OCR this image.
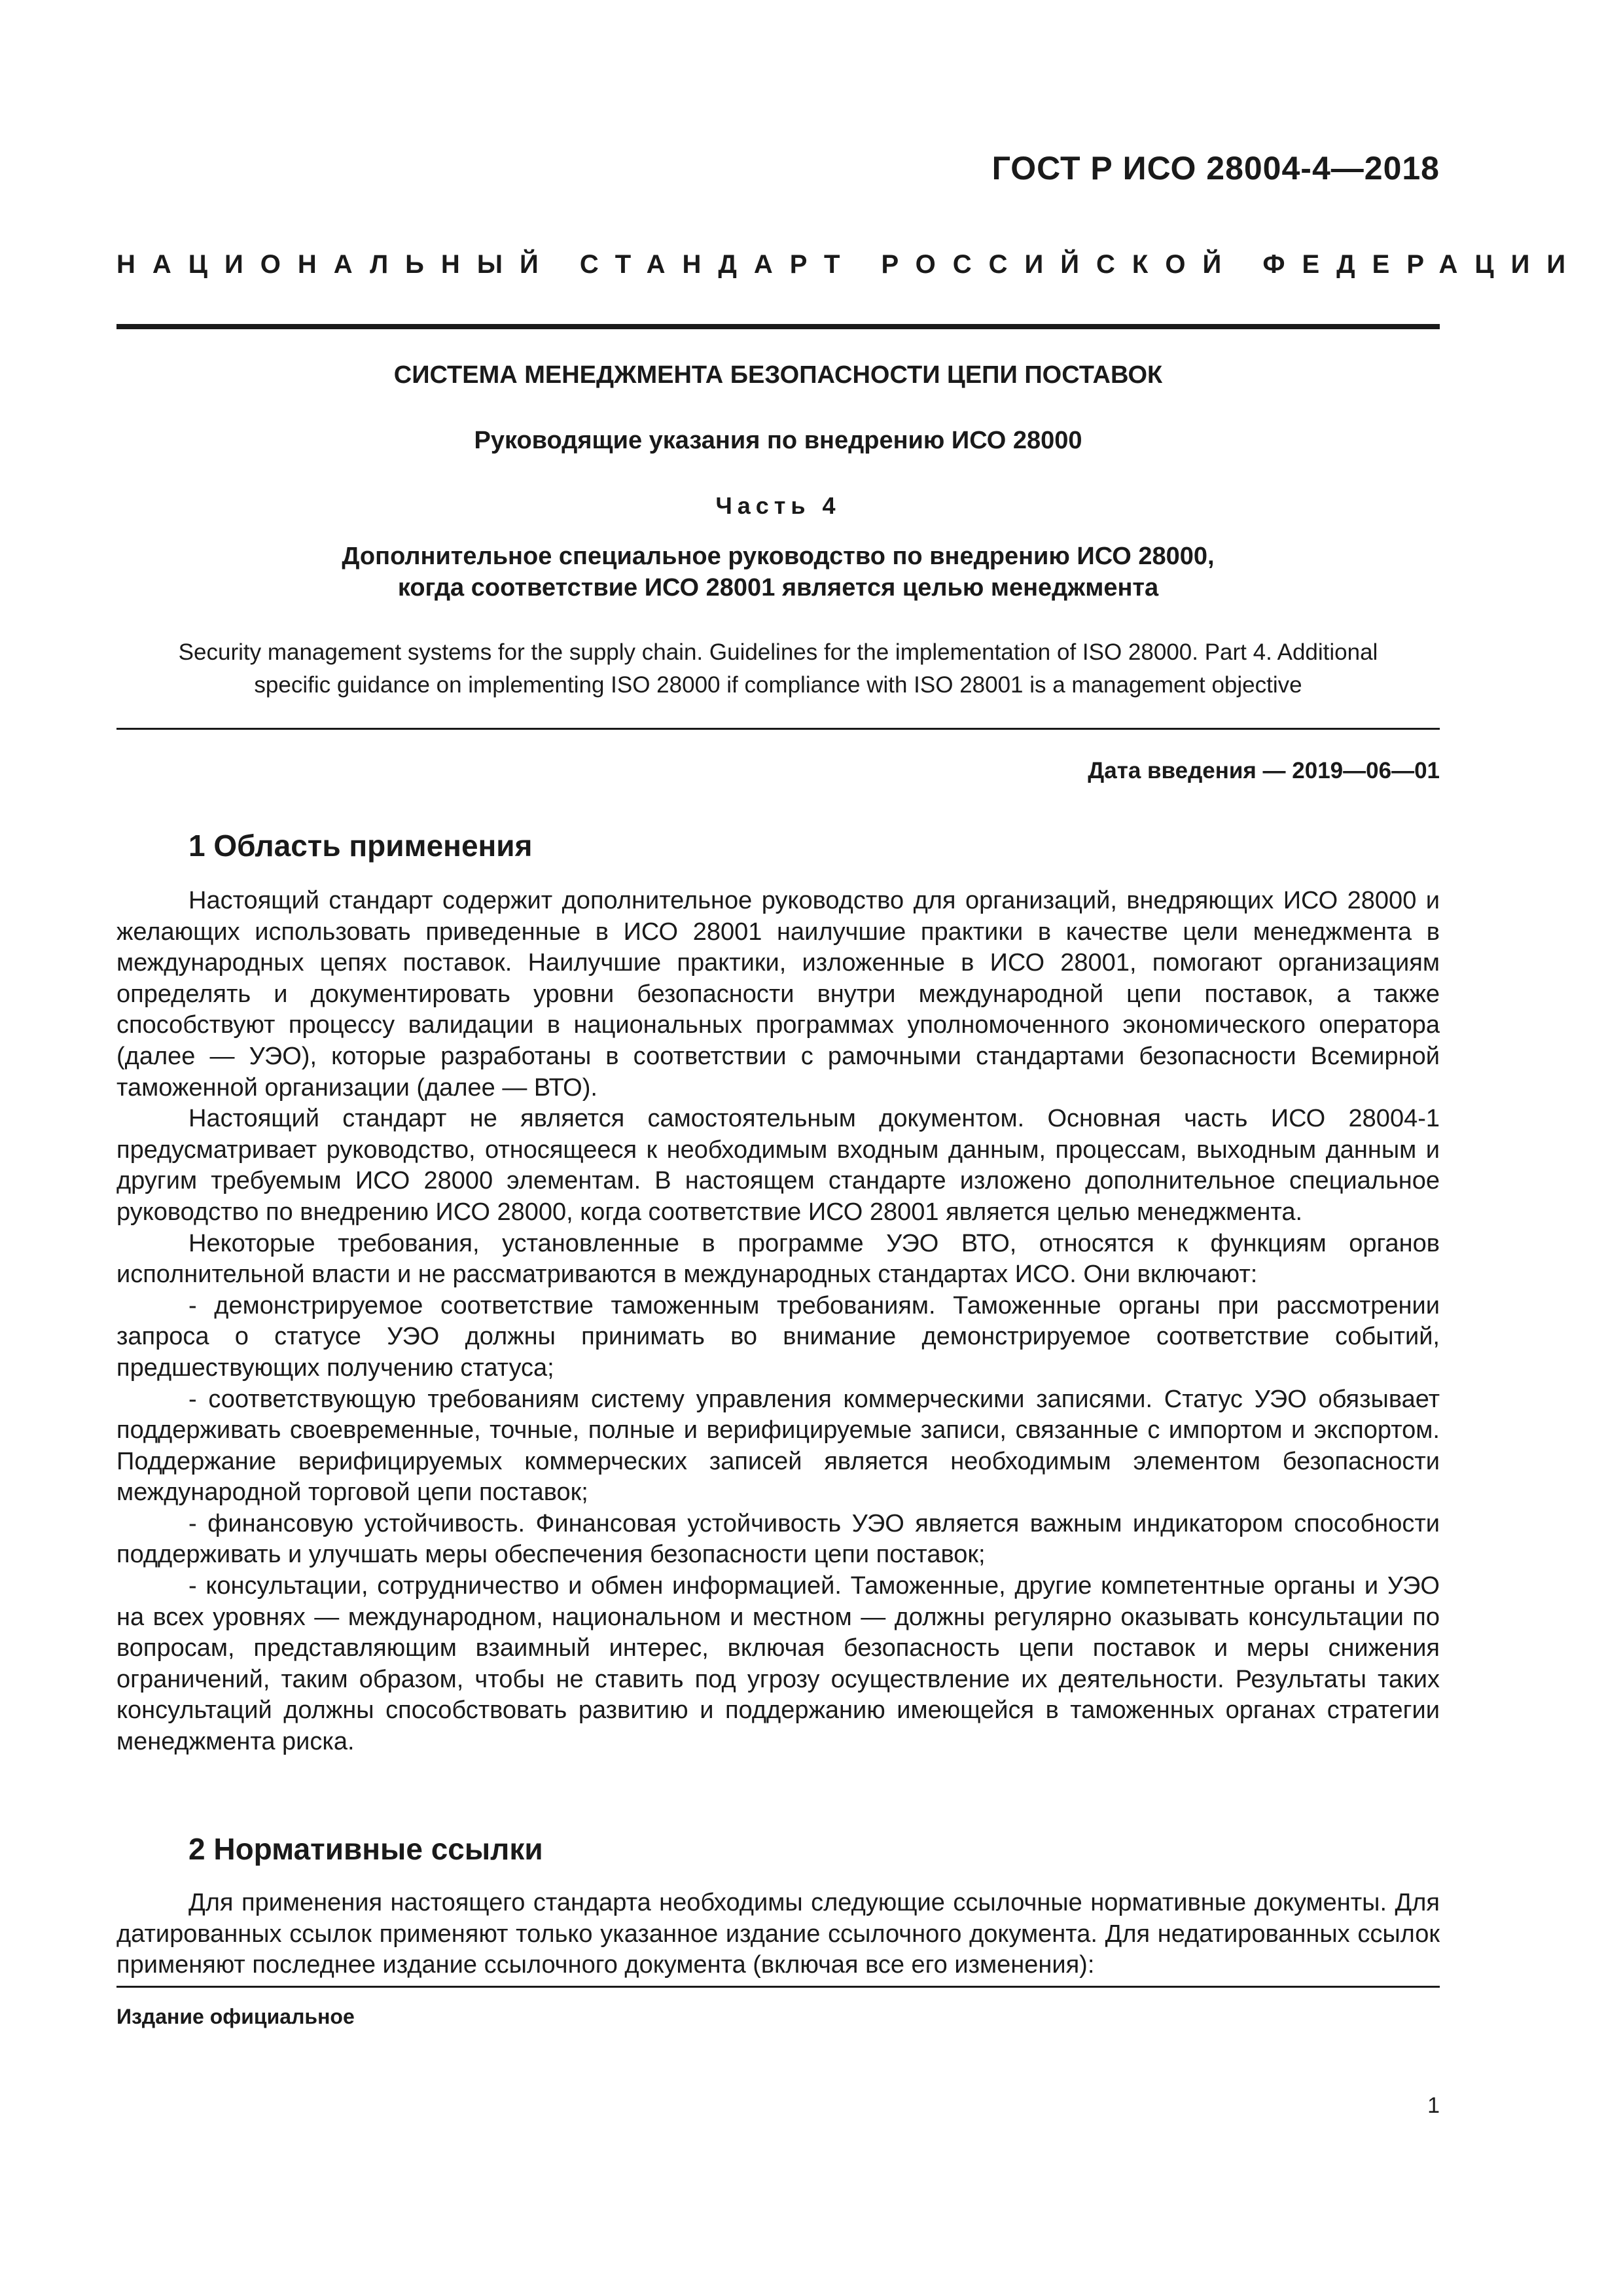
ГОСТ Р ИСО 28004-4—2018
НАЦИОНАЛЬНЫЙ СТАНДАРТ РОССИЙСКОЙ ФЕДЕРАЦИИ
СИСТЕМА МЕНЕДЖМЕНТА БЕЗОПАСНОСТИ ЦЕПИ ПОСТАВОК
Руководящие указания по внедрению ИСО 28000
Часть 4
Дополнительное специальное руководство по внедрению ИСО 28000,
когда соответствие ИСО 28001 является целью менеджмента
Security management systems for the supply chain. Guidelines for the implementation of ISO 28000. Part 4. Additional
specific guidance on implementing ISO 28000 if compliance with ISO 28001 is a management objective
Дата введения — 2019—06—01
1 Область применения

Настоящий стандарт содержит дополнительное руководство для организаций, внедряющих ИСО 28000 и желающих использовать приведенные в ИСО 28001 наилучшие практики в качестве цели менеджмента в международных цепях поставок. Наилучшие практики, изложенные в ИСО 28001, помогают организациям определять и документировать уровни безопасности внутри международной цепи поставок, а также способствуют процессу валидации в национальных программах уполномоченного экономического оператора (далее — УЭО), которые разработаны в соответствии с рамочными стандартами безопасности Всемирной таможенной организации (далее — ВТО).

Настоящий стандарт не является самостоятельным документом. Основная часть ИСО 28004-1 предусматривает руководство, относящееся к необходимым входным данным, процессам, выходным данным и другим требуемым ИСО 28000 элементам. В настоящем стандарте изложено дополнительное специальное руководство по внедрению ИСО 28000, когда соответствие ИСО 28001 является целью менеджмента.

Некоторые требования, установленные в программе УЭО ВТО, относятся к функциям органов исполнительной власти и не рассматриваются в международных стандартах ИСО. Они включают:

- демонстрируемое соответствие таможенным требованиям. Таможенные органы при рассмотрении запроса о статусе УЭО должны принимать во внимание демонстрируемое соответствие событий, предшествующих получению статуса;

- соответствующую требованиям систему управления коммерческими записями. Статус УЭО обязывает поддерживать своевременные, точные, полные и верифицируемые записи, связанные с импортом и экспортом. Поддержание верифицируемых коммерческих записей является необходимым элементом безопасности международной торговой цепи поставок;

- финансовую устойчивость. Финансовая устойчивость УЭО является важным индикатором способности поддерживать и улучшать меры обеспечения безопасности цепи поставок;

- консультации, сотрудничество и обмен информацией. Таможенные, другие компетентные органы и УЭО на всех уровнях — международном, национальном и местном — должны регулярно оказывать консультации по вопросам, представляющим взаимный интерес, включая безопасность цепи поставок и меры снижения ограничений, таким образом, чтобы не ставить под угрозу осуществление их деятельности. Результаты таких консультаций должны способствовать развитию и поддержанию имеющейся в таможенных органах стратегии менеджмента риска.

2 Нормативные ссылки

Для применения настоящего стандарта необходимы следующие ссылочные нормативные документы. Для датированных ссылок применяют только указанное издание ссылочного документа. Для недатированных ссылок применяют последнее издание ссылочного документа (включая все его изменения):

Издание официальное
1
